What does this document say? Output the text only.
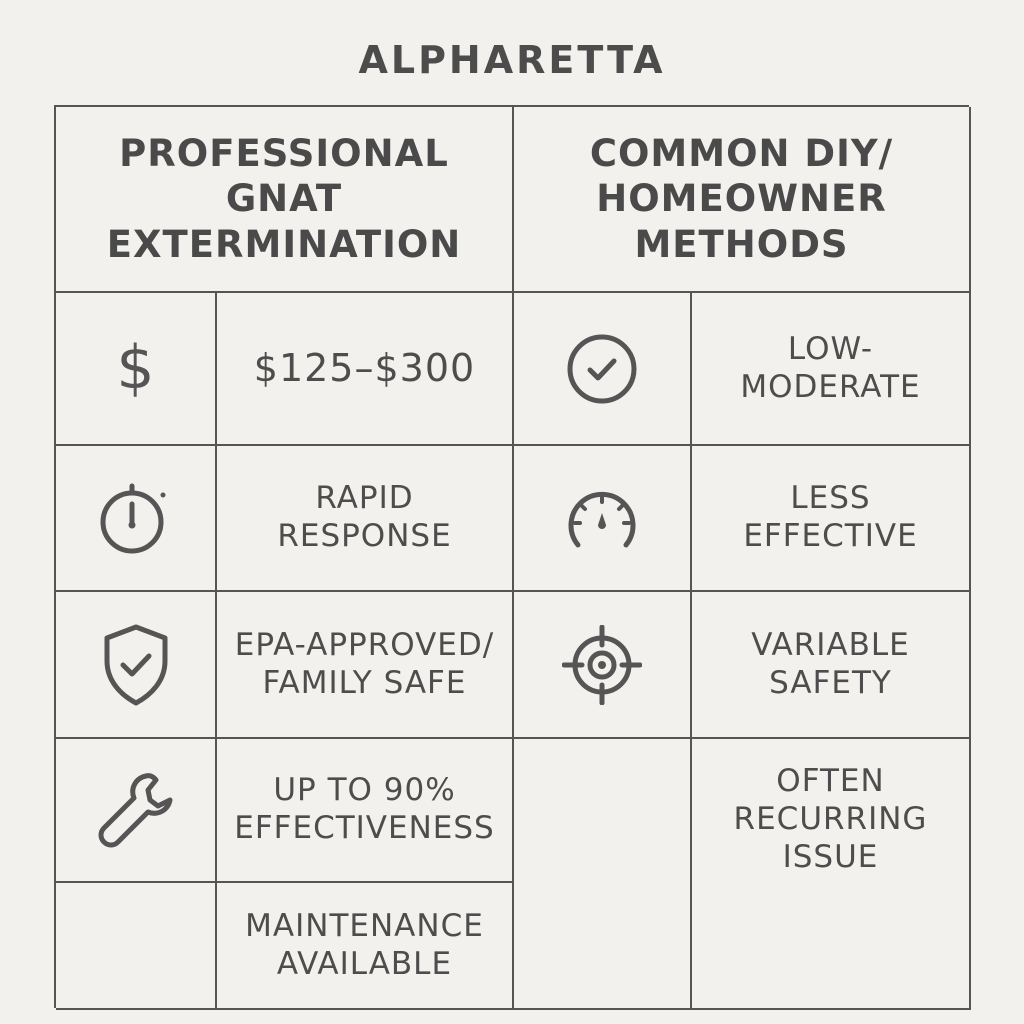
ALPHARETTA
PROFESSIONAL
GNAT
EXTERMINATION
COMMON DIY/
HOMEOWNER
METHODS
$	$125–$300	LOW-
MODERATE
RAPID
RESPONSE
LESS
EFFECTIVE
EPA-APPROVED/
FAMILY SAFE
VARIABLE
SAFETY
UP TO 90%
EFFECTIVENESS
OFTEN
RECURRING
ISSUE
MAINTENANCE
AVAILABLE
